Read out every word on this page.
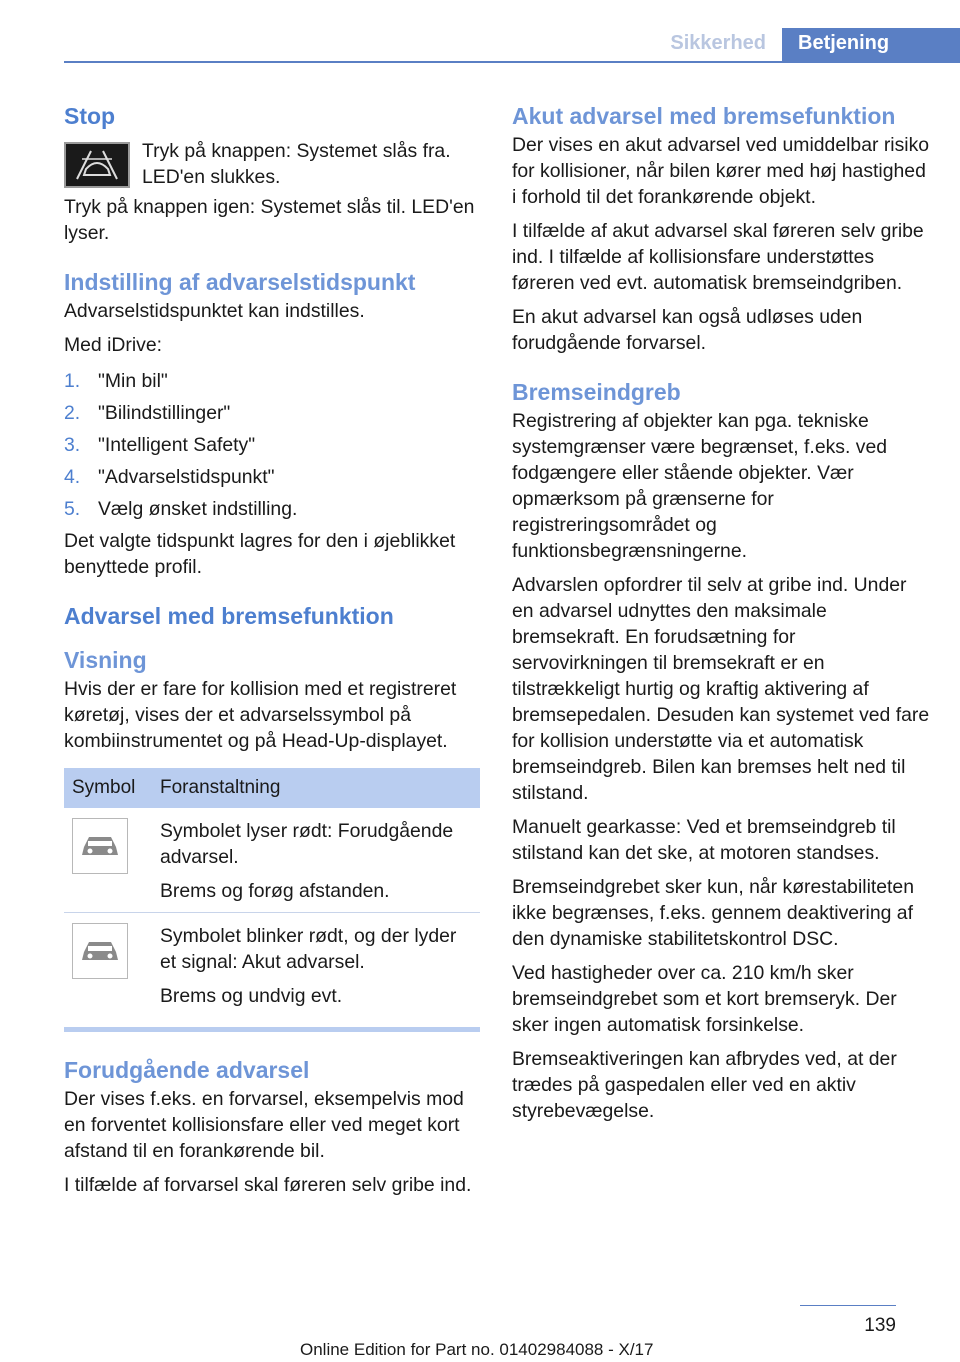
Sikkerhed	Betjening
Stop
Tryk på knappen: Systemet slås fra. LED'en slukkes.

Tryk på knappen igen: Systemet slås til. LED'en lyser.

Indstilling af advarselstidspunkt

Advarselstidspunktet kan indstilles.

Med iDrive:

1. "Min bil"
2. "Bilindstillinger"
3. "Intelligent Safety"
4. "Advarselstidspunkt"
5. Vælg ønsket indstilling.

Det valgte tidspunkt lagres for den i øjeblikket benyttede profil.

Advarsel med bremsefunktion
Visning

Hvis der er fare for kollision med et registreret køretøj, vises der et advarselssymbol på kombiinstrumentet og på Head-Up-displayet.

Symbol	Foranstaltning

Symbolet lyser rødt: Forudgående advarsel.

Brems og forøg afstanden.

Symbolet blinker rødt, og der lyder et signal: Akut advarsel.

Brems og undvig evt.

Forudgående advarsel

Der vises f.eks. en forvarsel, eksempelvis mod en forventet kollisionsfare eller ved meget kort afstand til en forankørende bil.

I tilfælde af forvarsel skal føreren selv gribe ind.

Akut advarsel med bremsefunktion

Der vises en akut advarsel ved umiddelbar risiko for kollisioner, når bilen kører med høj hastighed i forhold til det forankørende objekt.

I tilfælde af akut advarsel skal føreren selv gribe ind. I tilfælde af kollisionsfare understøttes føreren ved evt. automatisk bremseindgriben.

En akut advarsel kan også udløses uden forudgående forvarsel.

Bremseindgreb

Registrering af objekter kan pga. tekniske systemgrænser være begrænset, f.eks. ved fodgængere eller stående objekter. Vær opmærksom på grænserne for registreringsområdet og funktionsbegrænsningerne.

Advarslen opfordrer til selv at gribe ind. Under en advarsel udnyttes den maksimale bremsekraft. En forudsætning for servovirkningen til bremsekraft er en tilstrækkeligt hurtig og kraftig aktivering af bremsepedalen. Desuden kan systemet ved fare for kollision understøtte via et automatisk bremseindgreb. Bilen kan bremses helt ned til stilstand.

Manuelt gearkasse: Ved et bremseindgreb til stilstand kan det ske, at motoren standses.

Bremseindgrebet sker kun, når kørestabiliteten ikke begrænses, f.eks. gennem deaktivering af den dynamiske stabilitetskontrol DSC.

Ved hastigheder over ca. 210 km/h sker bremseindgrebet som et kort bremseryk. Der sker ingen automatisk forsinkelse.

Bremseaktiveringen kan afbrydes ved, at der trædes på gaspedalen eller ved en aktiv styrebevægelse.

139
Online Edition for Part no. 01402984088 - X/17
